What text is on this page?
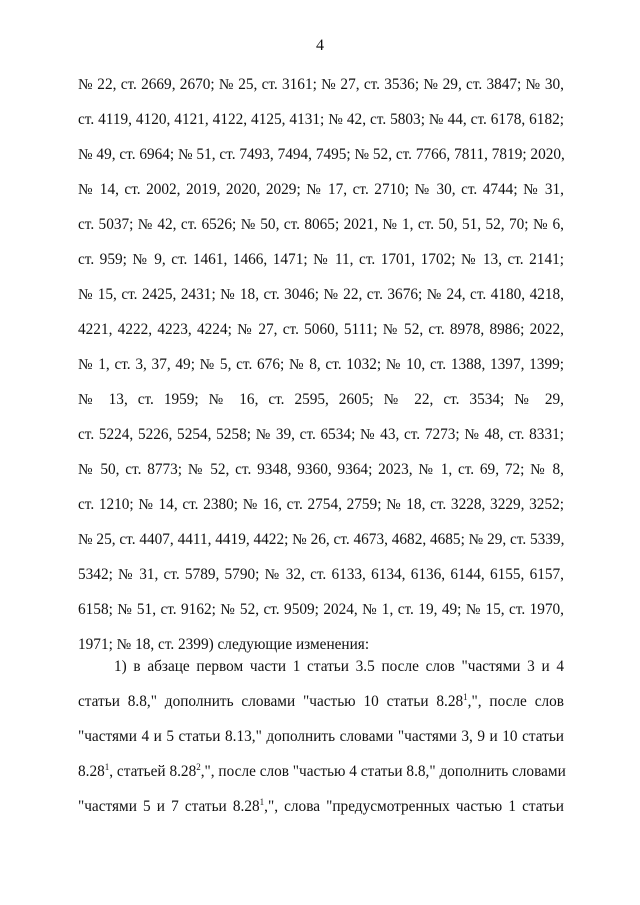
4
№ 22, ст. 2669, 2670; № 25, ст. 3161; № 27, ст. 3536; № 29, ст. 3847; № 30,
ст. 4119, 4120, 4121, 4122, 4125, 4131; № 42, ст. 5803; № 44, ст. 6178, 6182;
№ 49, ст. 6964; № 51, ст. 7493, 7494, 7495; № 52, ст. 7766, 7811, 7819; 2020,
№ 14, ст. 2002, 2019, 2020, 2029; № 17, ст. 2710; № 30, ст. 4744; № 31,
ст. 5037; № 42, ст. 6526; № 50, ст. 8065; 2021, № 1, ст. 50, 51, 52, 70; № 6,
ст. 959; № 9, ст. 1461, 1466, 1471; № 11, ст. 1701, 1702; № 13, ст. 2141;
№ 15, ст. 2425, 2431; № 18, ст. 3046; № 22, ст. 3676; № 24, ст. 4180, 4218,
4221, 4222, 4223, 4224; № 27, ст. 5060, 5111; № 52, ст. 8978, 8986; 2022,
№ 1, ст. 3, 37, 49; № 5, ст. 676; № 8, ст. 1032; № 10, ст. 1388, 1397, 1399;
№ 13, ст. 1959; № 16, ст. 2595, 2605; № 22, ст. 3534; № 29,
ст. 5224, 5226, 5254, 5258; № 39, ст. 6534; № 43, ст. 7273; № 48, ст. 8331;
№ 50, ст. 8773; № 52, ст. 9348, 9360, 9364; 2023, № 1, ст. 69, 72; № 8,
ст. 1210; № 14, ст. 2380; № 16, ст. 2754, 2759; № 18, ст. 3228, 3229, 3252;
№ 25, ст. 4407, 4411, 4419, 4422; № 26, ст. 4673, 4682, 4685; № 29, ст. 5339,
5342; № 31, ст. 5789, 5790; № 32, ст. 6133, 6134, 6136, 6144, 6155, 6157,
6158; № 51, ст. 9162; № 52, ст. 9509; 2024, № 1, ст. 19, 49; № 15, ст. 1970,
1971; № 18, ст. 2399) следующие изменения:
1) в абзаце первом части 1 статьи 3.5 после слов "частями 3 и 4
статьи 8.8," дополнить словами "частью 10 статьи 8.28$^1$,", после слов
"частями 4 и 5 статьи 8.13," дополнить словами "частями 3, 9 и 10 статьи
8.28$^1$, статьей 8.28$^2$,", после слов "частью 4 статьи 8.8," дополнить словами
"частями 5 и 7 статьи 8.28$^1$,", слова "предусмотренных частью 1 статьи
